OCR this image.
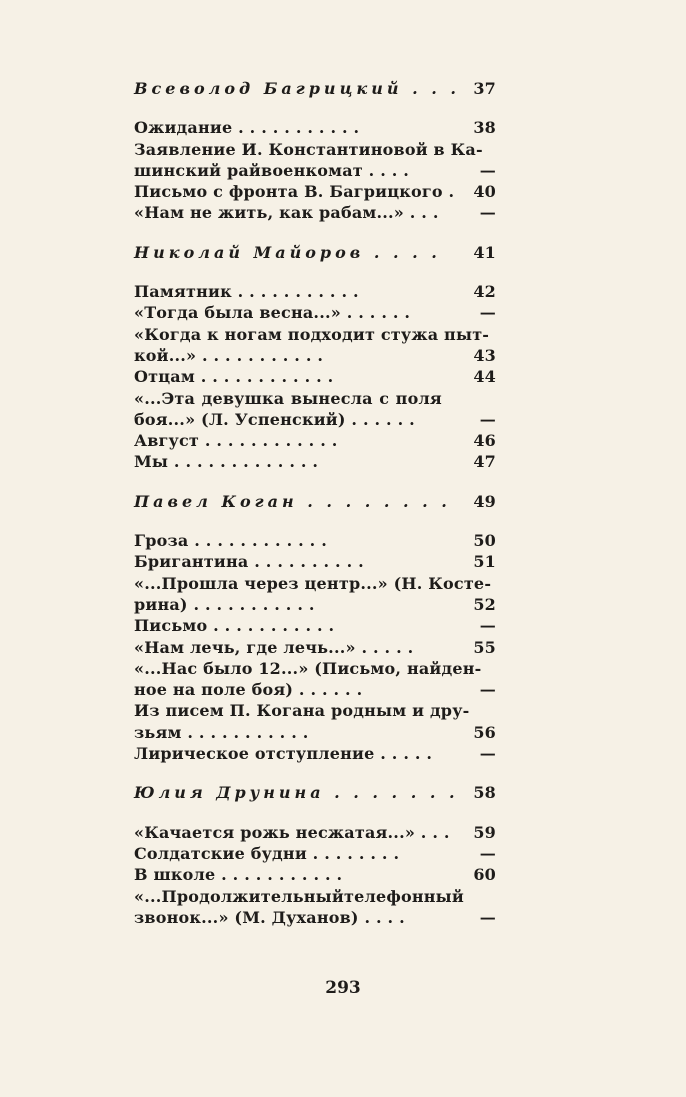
Всеволод Багрицкий . . . 37
Ожидание . . . . . . . . . . .	38
Заявление И. Константиновой в Ка-
шинский райвоенкомат . . . .	—
Письмо с фронта В. Багрицкого . 40
«Нам не жить, как рабам...» . . .	—
Николай Майоров . . . . 41
Памятник . . . . . . . . . . .	42
«Тогда была весна...» . . . . . .	—
«Когда к ногам подходит стужа пыт-
кой...» . . . . . . . . . . .	43
Отцам . . . . . . . . . . . .	44
«...Эта девушка вынесла с поля
боя...» (Л. Успенский) . . . . . .	—
Август . . . . . . . . . . . .	46
Мы . . . . . . . . . . . . .	47
Павел Коган . . . . . . . . 49
Гроза . . . . . . . . . . . .	50
Бригантина . . . . . . . . . .	51
«...Прошла через центр...» (Н. Косте-
рина) . . . . . . . . . . .	52
Письмо . . . . . . . . . . .	—
«Нам лечь, где лечь...» . . . . .	55
«...Нас было 12...» (Письмо, найден-
ное на поле боя) . . . . . .	—
Из писем П. Когана родным и дру-
зьям . . . . . . . . . . .	56
Лирическое отступление . . . . .	—
Юлия Друнина . . . . . . . 58
«Качается рожь несжатая...» . . . 59
Солдатские будни . . . . . . . .	—
В школе . . . . . . . . . . .	60
«...Продолжительный телефонный
звонок...» (М. Духанов) . . . .	—
293
